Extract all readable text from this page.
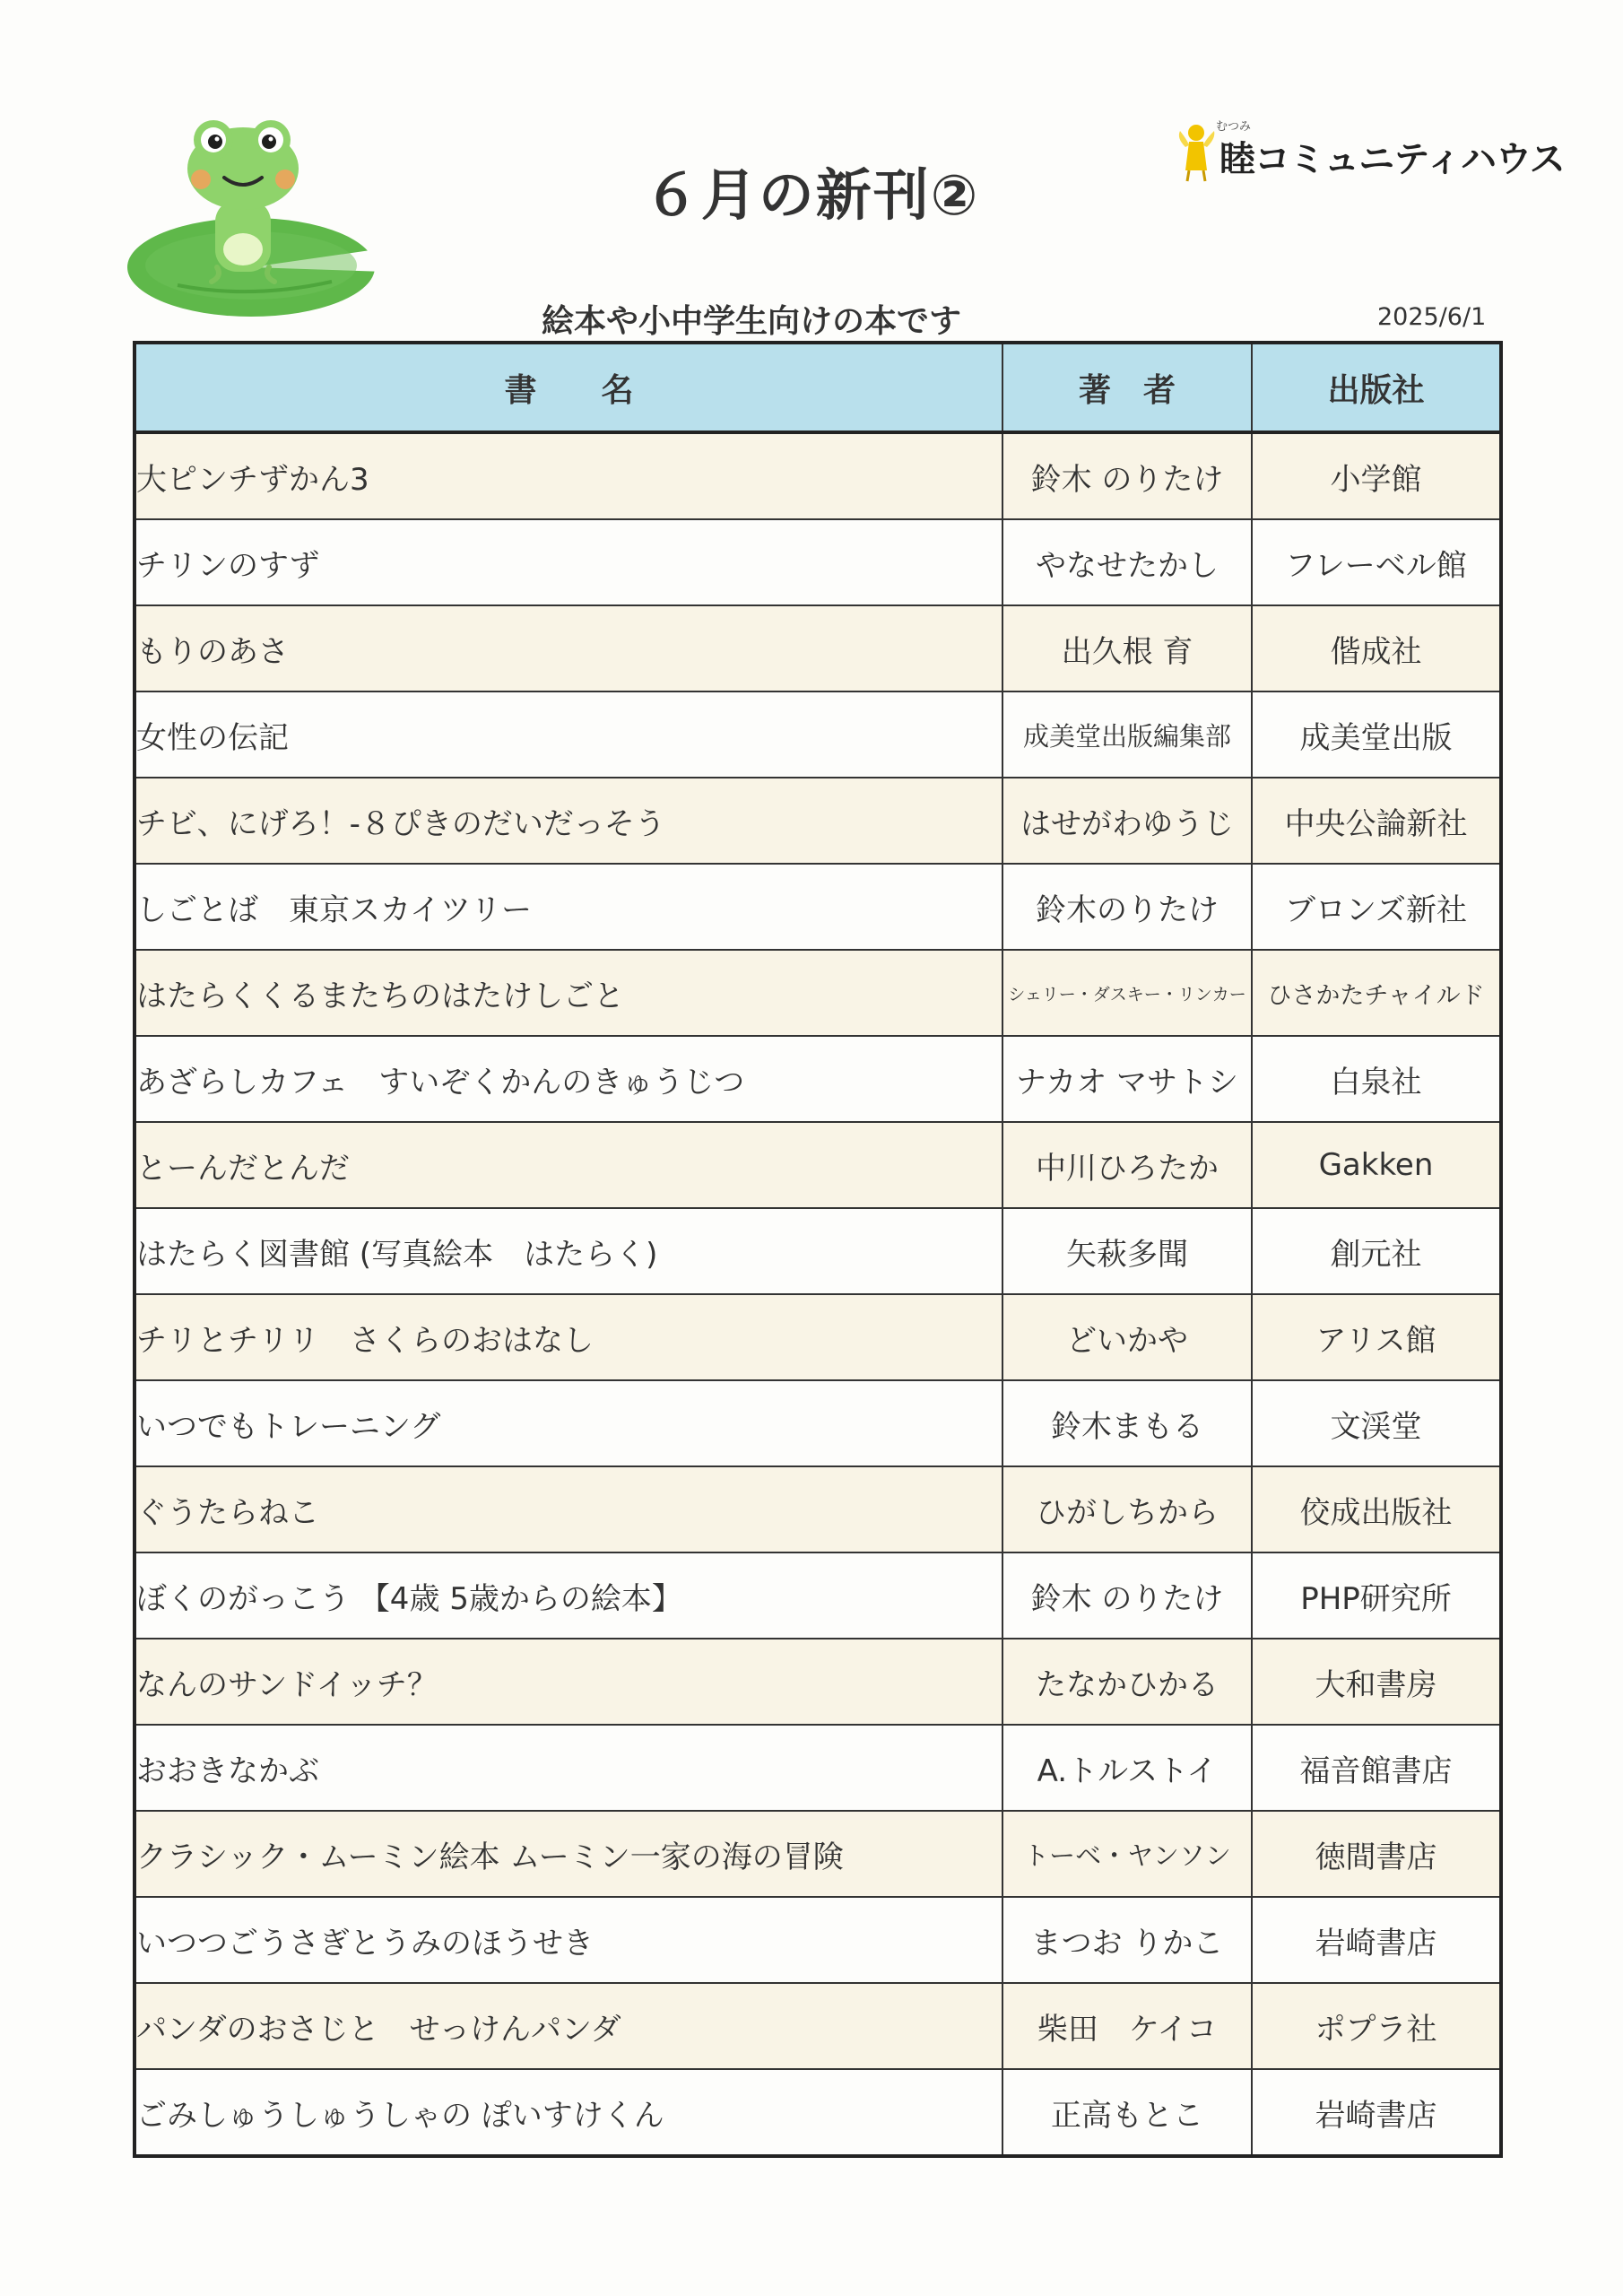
６月の新刊②
むつみ
睦コミュニティハウス
絵本や小中学生向けの本です	2025/6/1
書　　名	著　者	出版社
大ピンチずかん3	鈴木 のりたけ	小学館
チリンのすず	やなせたかし	フレーベル館
もりのあさ	出久根 育	偕成社
女性の伝記	成美堂出版編集部	成美堂出版
チビ、にげろ！-８ぴきのだいだっそう	はせがわゆうじ	中央公論新社
しごとば　東京スカイツリー	鈴木のりたけ	ブロンズ新社
はたらくくるまたちのはたけしごと	シェリー・ダスキー・リンカー	ひさかたチャイルド
あざらしカフェ　すいぞくかんのきゅうじつ	ナカオ マサトシ	白泉社
とーんだとんだ	中川ひろたか	Gakken
はたらく図書館 (写真絵本　はたらく)	矢萩多聞	創元社
チリとチリリ　さくらのおはなし	どいかや	アリス館
いつでもトレーニング	鈴木まもる	文渓堂
ぐうたらねこ	ひがしちから	佼成出版社
ぼくのがっこう 【4歳 5歳からの絵本】	鈴木 のりたけ	PHP研究所
なんのサンドイッチ？	たなかひかる	大和書房
おおきなかぶ	A.トルストイ	福音館書店
クラシック・ムーミン絵本 ムーミン一家の海の冒険	トーベ・ヤンソン	徳間書店
いつつごうさぎとうみのほうせき	まつお りかこ	岩崎書店
パンダのおさじと　せっけんパンダ	柴田　ケイコ	ポプラ社
ごみしゅうしゅうしゃの ぽいすけくん	正高もとこ	岩崎書店
